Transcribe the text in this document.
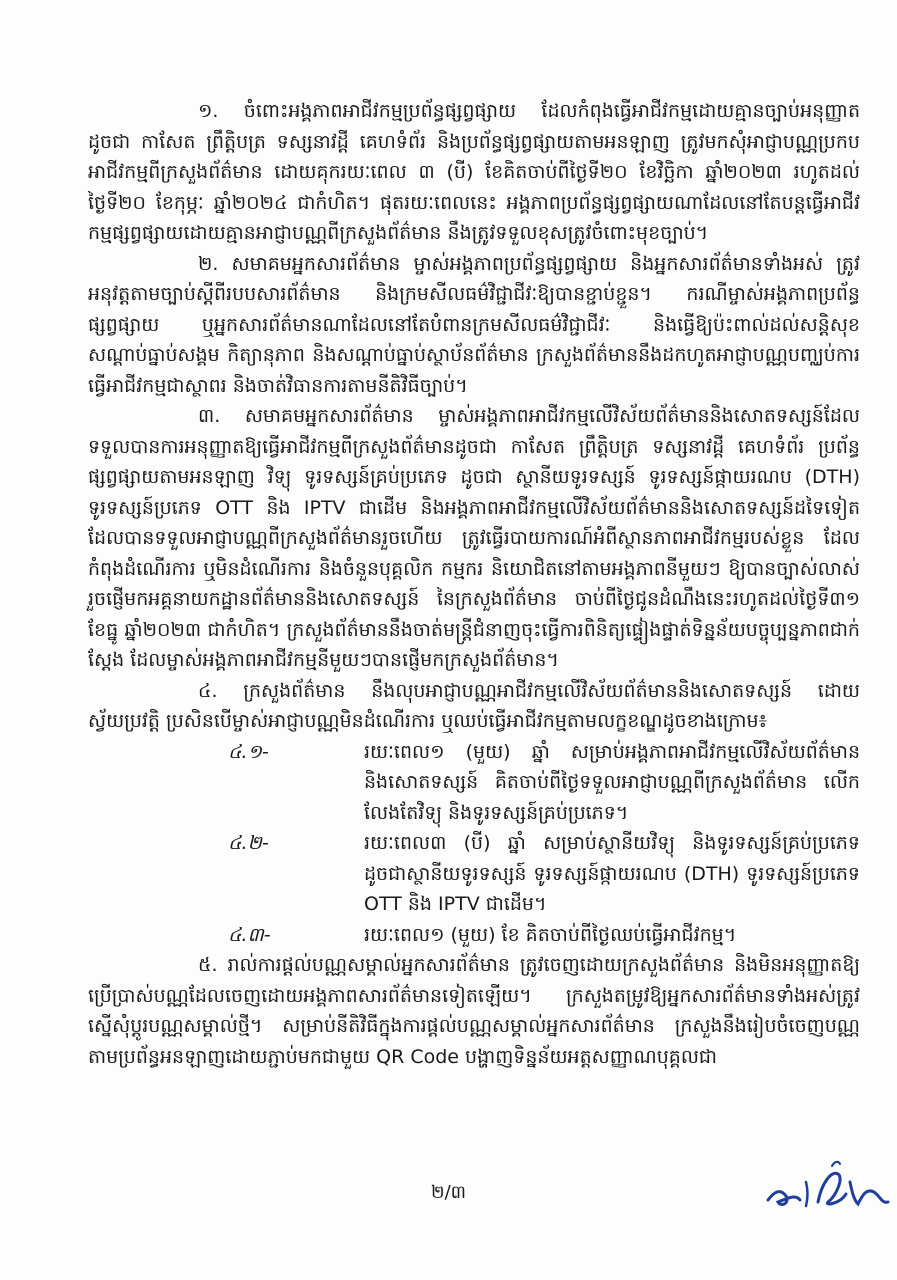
១. ចំពោះអង្គភាពអាជីវកម្មប្រព័ន្ធផ្សព្វផ្សាយ ដែលកំពុងធ្វើអាជីវកម្មដោយគ្មានច្បាប់អនុញ្ញាត ដូចជា កាសែត ព្រឹត្តិបត្រ ទស្សនាវដ្ដី គេហទំព័រ និងប្រព័ន្ធផ្សព្វផ្សាយតាមអនឡាញ ត្រូវមកសុំអាជ្ញាបណ្ណប្រកបអាជីវកម្មពីក្រសួងព័ត៌មាន ដោយគុករយៈពេល ៣ (បី) ខែគិតចាប់ពីថ្ងៃទី២០ ខែវិច្ឆិកា ឆ្នាំ២០២៣ រហូតដល់ថ្ងៃទី២០ ខែកុម្ភៈ ឆ្នាំ២០២៤ ជាកំហិត។ ផុតរយៈពេលនេះ អង្គភាពប្រព័ន្ធផ្សព្វផ្សាយណាដែលនៅតែបន្តធ្វើអាជីវកម្មផ្សព្វផ្សាយដោយគ្មានអាជ្ញាបណ្ណពីក្រសួងព័ត៌មាន នឹងត្រូវទទួលខុសត្រូវចំពោះមុខច្បាប់។

២. សមាគមអ្នកសារព័ត៌មាន ម្ចាស់អង្គភាពប្រព័ន្ធផ្សព្វផ្សាយ និងអ្នកសារព័ត៌មានទាំងអស់ ត្រូវអនុវត្តតាមច្បាប់ស្ដីពីរបបសារព័ត៌មាន និងក្រមសីលធម៌វិជ្ជាជីវៈឱ្យបានខ្ជាប់ខ្ជួន។ ករណីម្ចាស់អង្គភាពប្រព័ន្ធផ្សព្វផ្សាយ ឬអ្នកសារព័ត៌មានណាដែលនៅតែបំពានក្រមសីលធម៌វិជ្ជាជីវៈ និងធ្វើឱ្យប៉ះពាល់ដល់សន្តិសុខសណ្ដាប់ធ្នាប់សង្គម កិត្យានុភាព និងសណ្ដាប់ធ្នាប់ស្ថាប័នព័ត៌មាន ក្រសួងព័ត៌មាននឹងដកហូតអាជ្ញាបណ្ណបញ្ឈប់ការធ្វើអាជីវកម្មជាស្ថាពរ និងចាត់វិធានការតាមនីតិវិធីច្បាប់។

៣. សមាគមអ្នកសារព័ត៌មាន ម្ចាស់អង្គភាពអាជីវកម្មលើវិស័យព័ត៌មាននិងសោតទស្សន៍ដែលទទួលបានការអនុញ្ញាតឱ្យធ្វើអាជីវកម្មពីក្រសួងព័ត៌មានដូចជា កាសែត ព្រឹត្តិបត្រ ទស្សនាវដ្ដី គេហទំព័រ ប្រព័ន្ធផ្សព្វផ្សាយតាមអនឡាញ វិទ្យុ ទូរទស្សន៍គ្រប់ប្រភេទ ដូចជា ស្ថានីយទូរទស្សន៍ ទូរទស្សន៍ផ្កាយរណប (DTH) ទូរទស្សន៍ប្រភេទ OTT និង IPTV ជាដើម និងអង្គភាពអាជីវកម្មលើវិស័យព័ត៌មាននិងសោតទស្សន៍ដទៃទៀត ដែលបានទទួលអាជ្ញាបណ្ណពីក្រសួងព័ត៌មានរួចហើយ ត្រូវធ្វើរបាយការណ៍អំពីស្ថានភាពអាជីវកម្មរបស់ខ្លួន ដែលកំពុងដំណើរការ ឬមិនដំណើរការ និងចំនួនបុគ្គលិក កម្មករ និយោជិតនៅតាមអង្គភាពនីមួយៗ ឱ្យបានច្បាស់លាស់ រួចផ្ញើមកអគ្គនាយកដ្ឋានព័ត៌មាននិងសោតទស្សន៍ នៃក្រសួងព័ត៌មាន ចាប់ពីថ្ងៃជូនដំណឹងនេះរហូតដល់ថ្ងៃទី៣១ ខែធ្នូ ឆ្នាំ២០២៣ ជាកំហិត។ ក្រសួងព័ត៌មាននឹងចាត់មន្ត្រីជំនាញចុះធ្វើការពិនិត្យផ្ទៀងផ្ទាត់ទិន្នន័យបច្ចុប្បន្នភាពជាក់ស្ដែង ដែលម្ចាស់អង្គភាពអាជីវកម្មនីមួយៗបានផ្ញើមកក្រសួងព័ត៌មាន។

៤. ក្រសួងព័ត៌មាន នឹងលុបអាជ្ញាបណ្ណអាជីវកម្មលើវិស័យព័ត៌មាននិងសោតទស្សន៍ ដោយស្វ័យប្រវត្តិ ប្រសិនបើម្ចាស់អាជ្ញាបណ្ណមិនដំណើរការ ឬឈប់ធ្វើអាជីវកម្មតាមលក្ខខណ្ឌដូចខាងក្រោម៖

៤.១-	រយៈពេល១ (មួយ) ឆ្នាំ សម្រាប់អង្គភាពអាជីវកម្មលើវិស័យព័ត៌មាននិងសោតទស្សន៍ គិតចាប់ពីថ្ងៃទទួលអាជ្ញាបណ្ណពីក្រសួងព័ត៌មាន លើកលែងតែវិទ្យុ និងទូរទស្សន៍គ្រប់ប្រភេទ។

៤.២-	រយៈពេល៣ (បី) ឆ្នាំ សម្រាប់ស្ថានីយវិទ្យុ និងទូរទស្សន៍គ្រប់ប្រភេទ ដូចជាស្ថានីយទូរទស្សន៍ ទូរទស្សន៍ផ្កាយរណប (DTH) ទូរទស្សន៍ប្រភេទ OTT និង IPTV ជាដើម។

៤.៣-	រយៈពេល១ (មួយ) ខែ គិតចាប់ពីថ្ងៃឈប់ធ្វើអាជីវកម្ម។

៥. រាល់ការផ្ដល់បណ្ណសម្គាល់អ្នកសារព័ត៌មាន ត្រូវចេញដោយក្រសួងព័ត៌មាន និងមិនអនុញ្ញាតឱ្យប្រើប្រាស់បណ្ណដែលចេញដោយអង្គភាពសារព័ត៌មានទៀតឡើយ។ ក្រសួងតម្រូវឱ្យអ្នកសារព័ត៌មានទាំងអស់ត្រូវស្នើសុំប្តូរបណ្ណសម្គាល់ថ្មី។ សម្រាប់នីតិវិធីក្នុងការផ្ដល់បណ្ណសម្គាល់អ្នកសារព័ត៌មាន ក្រសួងនឹងរៀបចំចេញបណ្ណតាមប្រព័ន្ធអនឡាញដោយភ្ជាប់មកជាមួយ QR Code បង្ហាញទិន្នន័យអត្តសញ្ញាណបុគ្គលជា

២/៣
